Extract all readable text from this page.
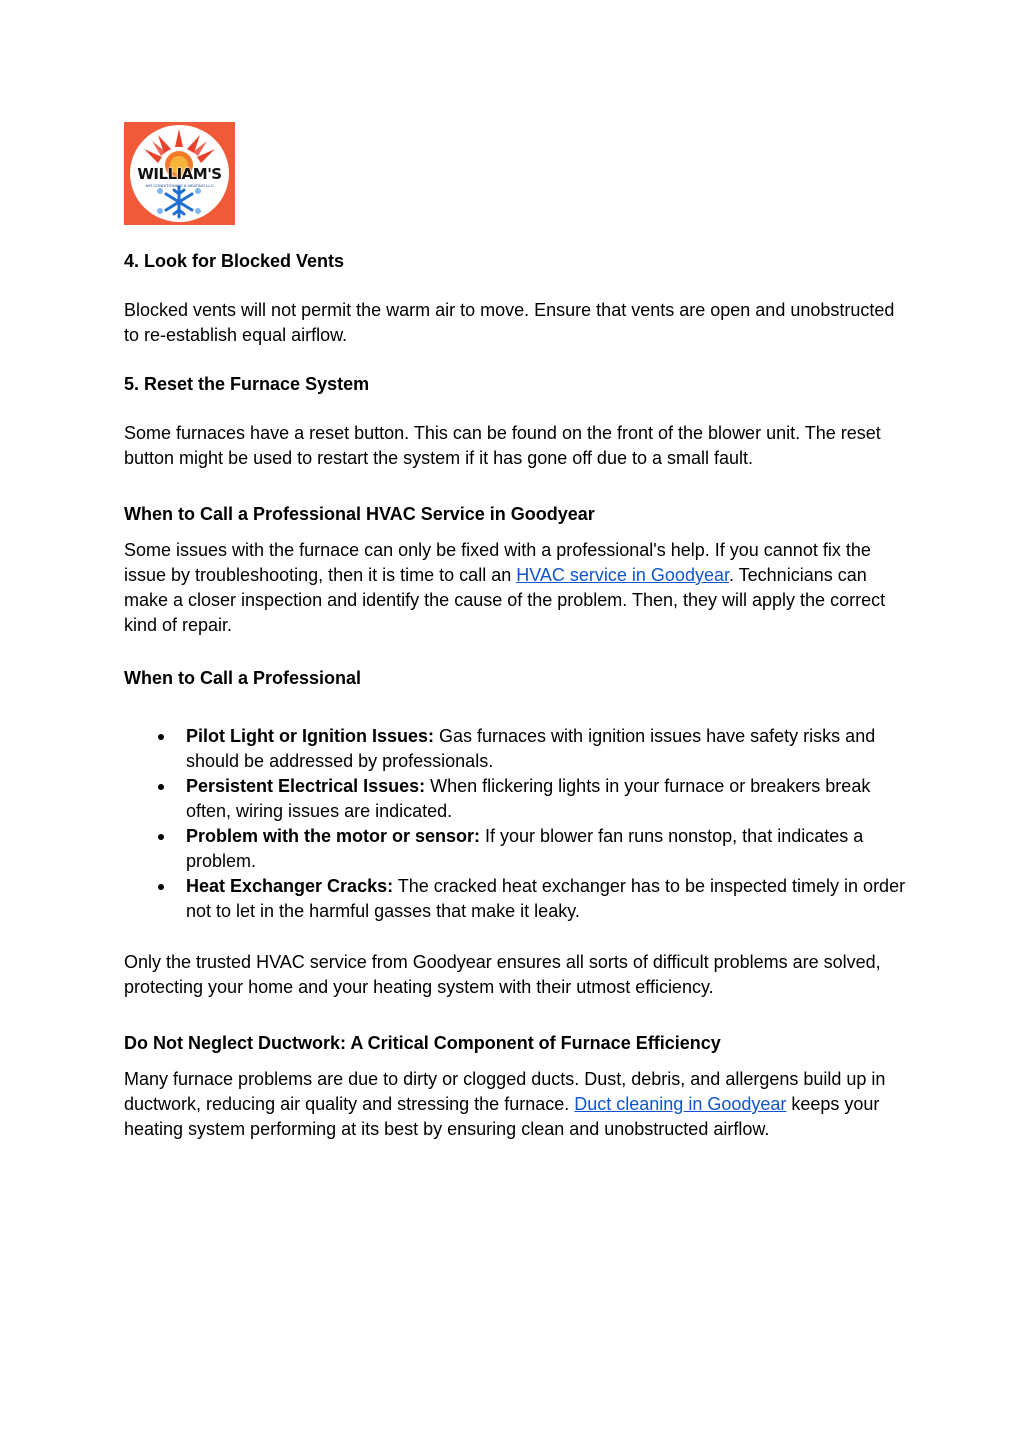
WILLIAM'S
AIR CONDITIONING & HEATING LLC

4. Look for Blocked Vents

Blocked vents will not permit the warm air to move. Ensure that vents are open and unobstructed to re-establish equal airflow.

5. Reset the Furnace System

Some furnaces have a reset button. This can be found on the front of the blower unit. The reset button might be used to restart the system if it has gone off due to a small fault.

When to Call a Professional HVAC Service in Goodyear

Some issues with the furnace can only be fixed with a professional's help. If you cannot fix the issue by troubleshooting, then it is time to call an HVAC service in Goodyear. Technicians can make a closer inspection and identify the cause of the problem. Then, they will apply the correct kind of repair.

When to Call a Professional

Pilot Light or Ignition Issues: Gas furnaces with ignition issues have safety risks and should be addressed by professionals.
Persistent Electrical Issues: When flickering lights in your furnace or breakers break often, wiring issues are indicated.
Problem with the motor or sensor: If your blower fan runs nonstop, that indicates a problem.
Heat Exchanger Cracks: The cracked heat exchanger has to be inspected timely in order not to let in the harmful gasses that make it leaky.

Only the trusted HVAC service from Goodyear ensures all sorts of difficult problems are solved, protecting your home and your heating system with their utmost efficiency.

Do Not Neglect Ductwork: A Critical Component of Furnace Efficiency

Many furnace problems are due to dirty or clogged ducts. Dust, debris, and allergens build up in ductwork, reducing air quality and stressing the furnace. Duct cleaning in Goodyear keeps your heating system performing at its best by ensuring clean and unobstructed airflow.
